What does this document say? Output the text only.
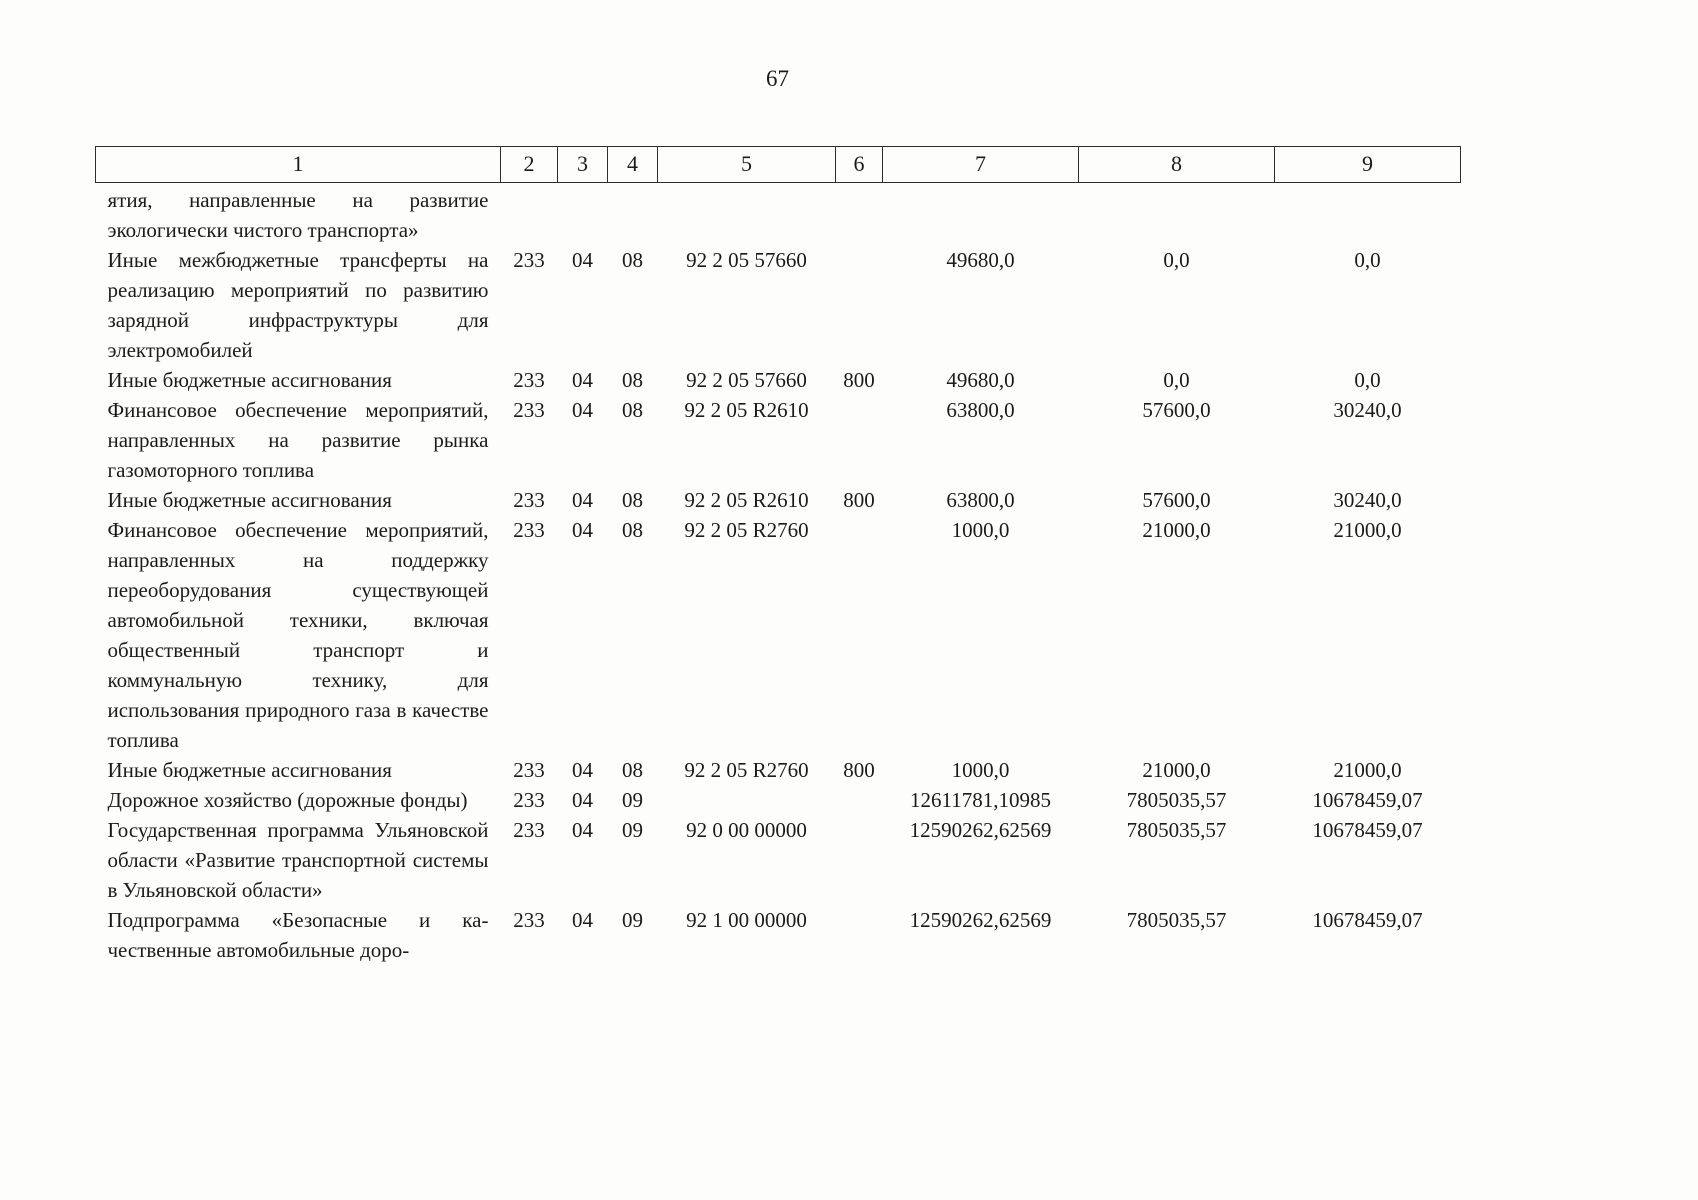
67
1	2	3	4	5	6	7	8	9
ятия, направленные на развитие экологически чистого транспорта»								
Иные межбюджетные трансферты на реализацию мероприятий по развитию зарядной инфраструктуры для электромобилей	233	04	08	92 2 05 57660		49680,0	0,0	0,0
Иные бюджетные ассигнования	233	04	08	92 2 05 57660	800	49680,0	0,0	0,0
Финансовое обеспечение мероприятий, направленных на развитие рынка газомоторного топлива	233	04	08	92 2 05 R2610		63800,0	57600,0	30240,0
Иные бюджетные ассигнования	233	04	08	92 2 05 R2610	800	63800,0	57600,0	30240,0
Финансовое обеспечение мероприятий, направленных на поддержку переоборудования существующей автомобильной техники, включая общественный транспорт и коммунальную технику, для использования природного газа в качестве топлива	233	04	08	92 2 05 R2760		1000,0	21000,0	21000,0
Иные бюджетные ассигнования	233	04	08	92 2 05 R2760	800	1000,0	21000,0	21000,0
Дорожное хозяйство (дорожные фонды)	233	04	09			12611781,10985	7805035,57	10678459,07
Государственная программа Ульяновской области «Развитие транспортной системы в Ульяновской области»	233	04	09	92 0 00 00000		12590262,62569	7805035,57	10678459,07
Подпрограмма «Безопасные и качественные автомобильные доро-	233	04	09	92 1 00 00000		12590262,62569	7805035,57	10678459,07
